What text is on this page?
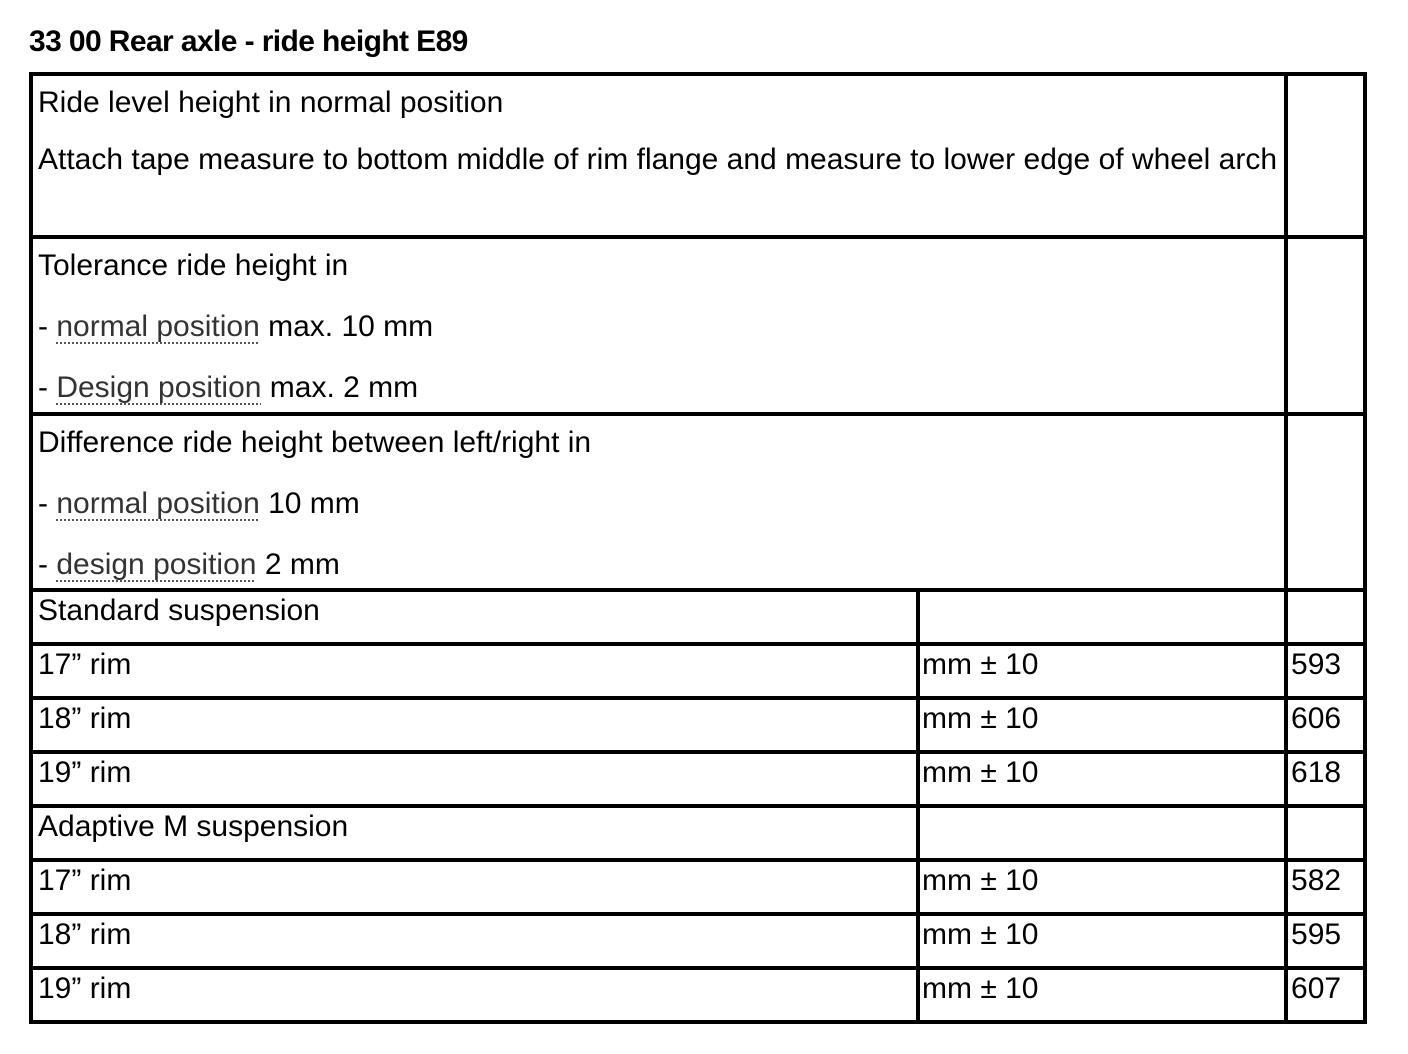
33 00 Rear axle - ride height E89

Ride level height in normal position

Attach tape measure to bottom middle of rim flange and measure to lower edge of wheel arch		

Tolerance ride height in

- normal position max. 10 mm

- Design position max. 2 mm		

Difference ride height between left/right in

- normal position 10 mm

- design position 2 mm		

Standard suspension		
17” rim	mm ± 10	593
18” rim	mm ± 10	606
19” rim	mm ± 10	618
Adaptive M suspension		
17” rim	mm ± 10	582
18” rim	mm ± 10	595
19” rim	mm ± 10	607
